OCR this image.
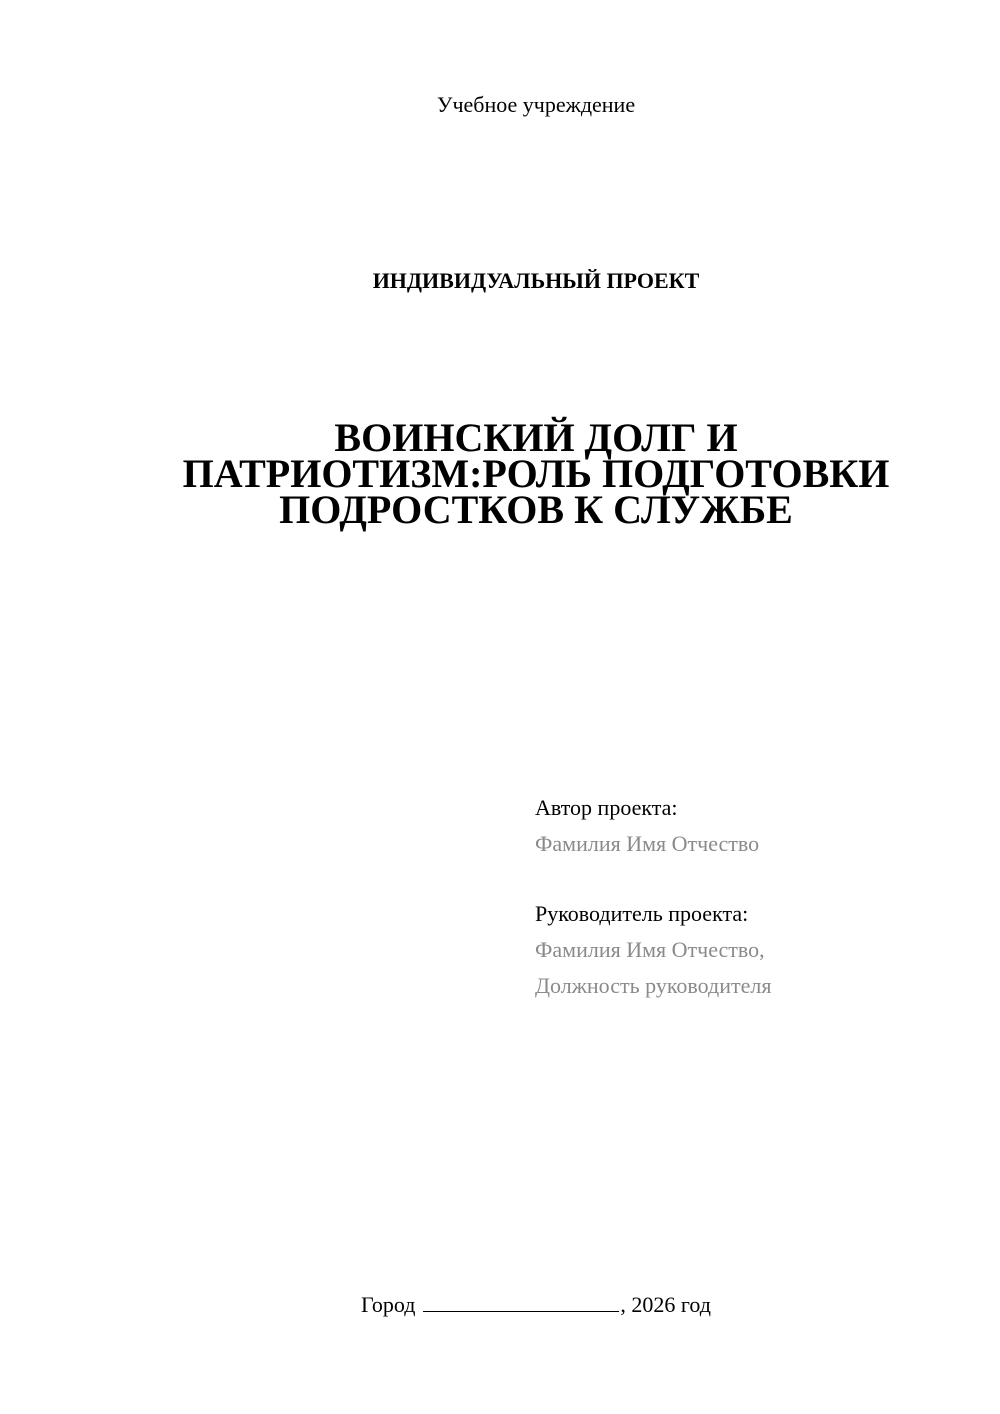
Учебное учреждение
ИНДИВИДУАЛЬНЫЙ ПРОЕКТ
ВОИНСКИЙ ДОЛГ И
ПАТРИОТИЗМ:РОЛЬ ПОДГОТОВКИ
ПОДРОСТКОВ К СЛУЖБЕ
Автор проекта:
Фамилия Имя Отчество
Руководитель проекта:
Фамилия Имя Отчество,
Должность руководителя
Город	, 2026 год
